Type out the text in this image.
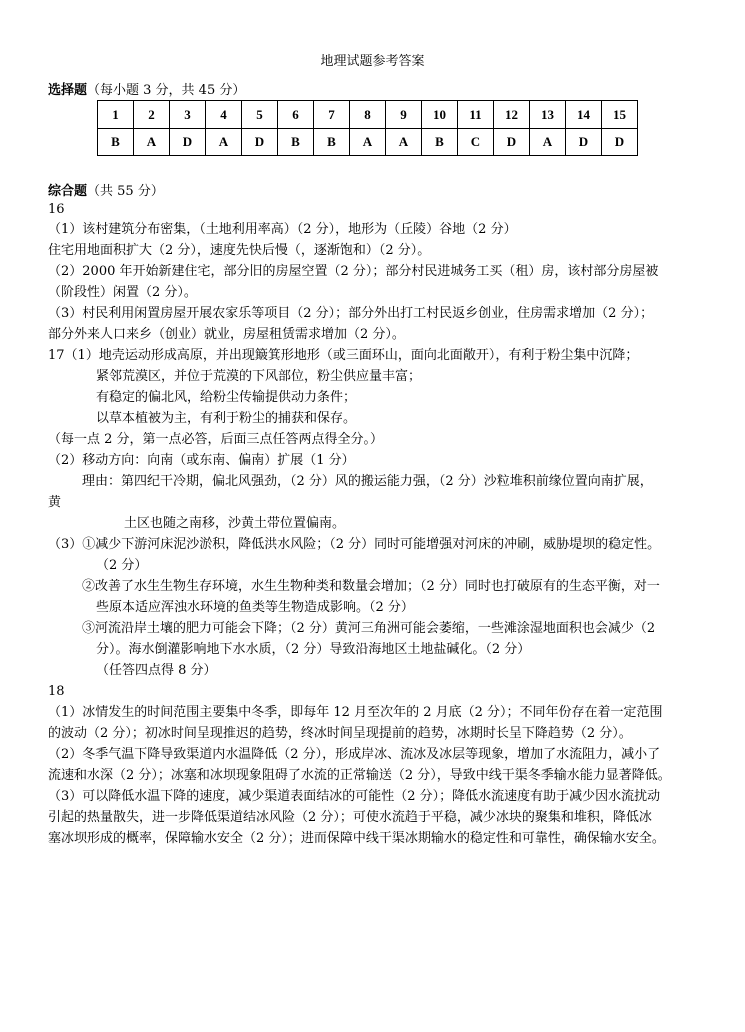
地理试题参考答案
选择题（每小题 3 分，共 45 分）
1	2	3	4	5	6	7	8	9	10	11	12	13	14	15
B	A	D	A	D	B	B	A	A	B	C	D	A	D	D
综合题（共 55 分）
16
（1）该村建筑分布密集，（土地利用率高）（2 分），地形为（丘陵）谷地（2 分）
住宅用地面积扩大（2 分），速度先快后慢（，逐渐饱和）（2 分）。
（2）2000 年开始新建住宅，部分旧的房屋空置（2 分）；部分村民进城务工买（租）房，该村部分房屋被
（阶段性）闲置（2 分）。
（3）村民利用闲置房屋开展农家乐等项目（2 分）；部分外出打工村民返乡创业，住房需求增加（2 分）；
部分外来人口来乡（创业）就业，房屋租赁需求增加（2 分）。
17（1）地壳运动形成高原，并出现簸箕形地形（或三面环山，面向北面敞开），有利于粉尘集中沉降；
紧邻荒漠区，并位于荒漠的下风部位，粉尘供应量丰富；
有稳定的偏北风，给粉尘传输提供动力条件；
以草本植被为主，有利于粉尘的捕获和保存。
（每一点 2 分，第一点必答，后面三点任答两点得全分。）
（2）移动方向：向南（或东南、偏南）扩展（1 分）
理由：第四纪干冷期，偏北风强劲，（2 分）风的搬运能力强，（2 分）沙粒堆积前缘位置向南扩展，
黄
土区也随之南移，沙黄土带位置偏南。
（3）①减少下游河床泥沙淤积，降低洪水风险；（2 分）同时可能增强对河床的冲刷，威胁堤坝的稳定性。
（2 分）
②改善了水生生物生存环境，水生生物种类和数量会增加；（2 分）同时也打破原有的生态平衡，对一
些原本适应浑浊水环境的鱼类等生物造成影响。（2 分）
③河流沿岸土壤的肥力可能会下降；（2 分）黄河三角洲可能会萎缩，一些滩涂湿地面积也会减少（2
分）。海水倒灌影响地下水水质，（2 分）导致沿海地区土地盐碱化。（2 分）
（任答四点得 8 分）
18
（1）冰情发生的时间范围主要集中冬季，即每年 12 月至次年的 2 月底（2 分）；不同年份存在着一定范围
的波动（2 分）；初冰时间呈现推迟的趋势，终冰时间呈现提前的趋势，冰期时长呈下降趋势（2 分）。
（2）冬季气温下降导致渠道内水温降低（2 分），形成岸冰、流冰及冰层等现象，增加了水流阻力，减小了
流速和水深（2 分）；冰塞和冰坝现象阻碍了水流的正常输送（2 分），导致中线干渠冬季输水能力显著降低。
（3）可以降低水温下降的速度，减少渠道表面结冰的可能性（2 分）；降低水流速度有助于减少因水流扰动
引起的热量散失，进一步降低渠道结冰风险（2 分）；可使水流趋于平稳，减少冰块的聚集和堆积，降低冰
塞冰坝形成的概率，保障输水安全（2 分）；进而保障中线干渠冰期输水的稳定性和可靠性，确保输水安全。
